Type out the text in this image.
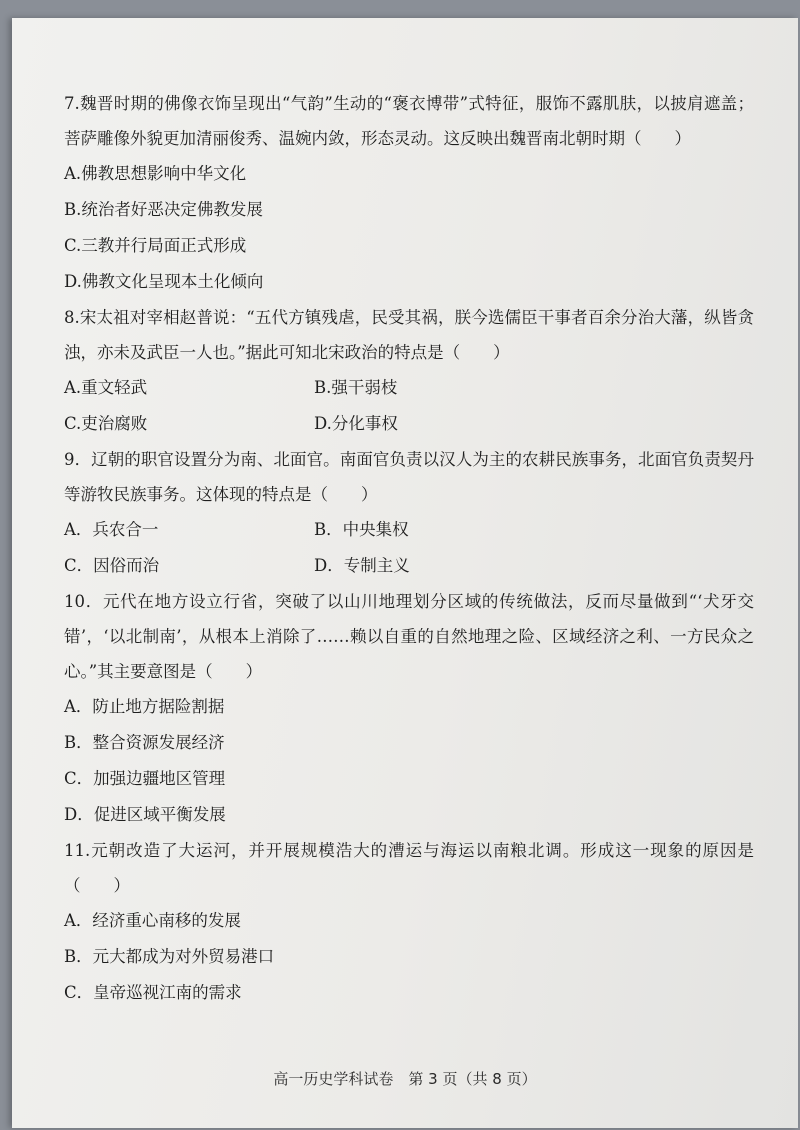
7.魏晋时期的佛像衣饰呈现出“气韵”生动的“褒衣博带”式特征，服饰不露肌肤，以披肩遮盖；菩萨雕像外貌更加清丽俊秀、温婉内敛，形态灵动。这反映出魏晋南北朝时期（　　）

A.佛教思想影响中华文化

B.统治者好恶决定佛教发展

C.三教并行局面正式形成

D.佛教文化呈现本土化倾向

8.宋太祖对宰相赵普说：“五代方镇残虐，民受其祸，朕今选儒臣干事者百余分治大藩，纵皆贪浊，亦未及武臣一人也。”据此可知北宋政治的特点是（　　）

A.重文轻武	B.强干弱枝

C.吏治腐败	D.分化事权

9．辽朝的职官设置分为南、北面官。南面官负责以汉人为主的农耕民族事务，北面官负责契丹等游牧民族事务。这体现的特点是（　　）

A．兵农合一	B．中央集权

C．因俗而治	D．专制主义

10．元代在地方设立行省，突破了以山川地理划分区域的传统做法，反而尽量做到“‘犬牙交错’，‘以北制南’，从根本上消除了……赖以自重的自然地理之险、区域经济之利、一方民众之心。”其主要意图是（　　）

A．防止地方据险割据

B．整合资源发展经济

C．加强边疆地区管理

D．促进区域平衡发展

11.元朝改造了大运河，并开展规模浩大的漕运与海运以南粮北调。形成这一现象的原因是（　　）

A．经济重心南移的发展

B．元大都成为对外贸易港口

C．皇帝巡视江南的需求

高一历史学科试卷　第 3 页（共 8 页）
